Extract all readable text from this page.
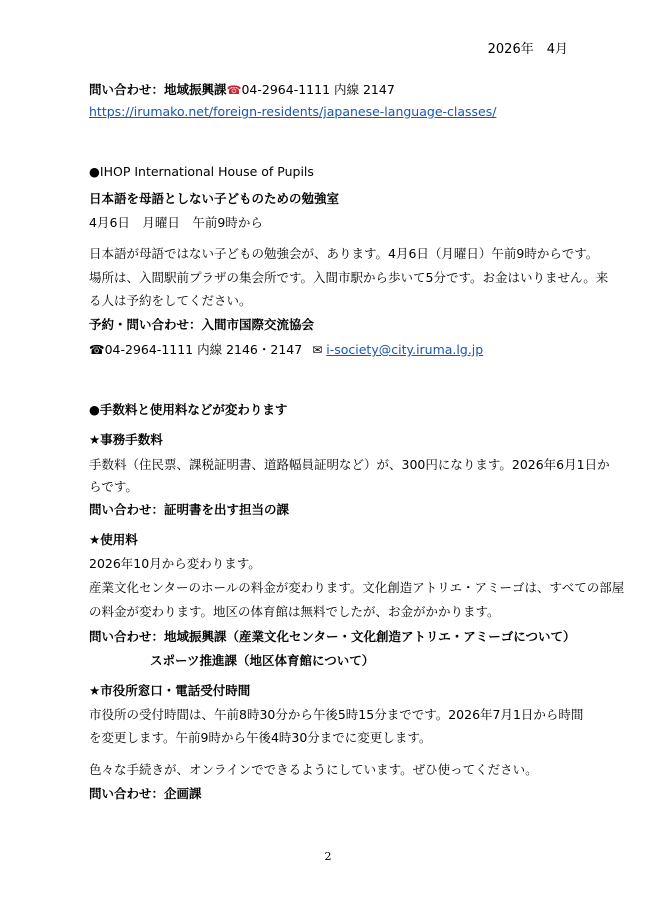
2026年　4月
問い合わせ：地域振興課☎04-2964-1111 内線 2147
https://irumako.net/foreign-residents/japanese-language-classes/
●IHOP International House of Pupils
日本語を母語としない子どものための勉強室
4月6日　月曜日　午前9時から
日本語が母語ではない子どもの勉強会が、あります。4月6日（月曜日）午前9時からです。
場所は、入間駅前プラザの集会所です。入間市駅から歩いて5分です。お金はいりません。来
る人は予約をしてください。
予約・問い合わせ：入間市国際交流協会
☎04-2964-1111 内線 2146・2147 ✉ i-society@city.iruma.lg.jp
●手数料と使用料などが変わります
★事務手数料
手数料（住民票、課税証明書、道路幅員証明など）が、300円になります。2026年6月1日か
らです。
問い合わせ：証明書を出す担当の課
★使用料
2026年10月から変わります。
産業文化センターのホールの料金が変わります。文化創造アトリエ・アミーゴは、すべての部屋
の料金が変わります。地区の体育館は無料でしたが、お金がかかります。
問い合わせ：地域振興課（産業文化センター・文化創造アトリエ・アミーゴについて）
スポーツ推進課（地区体育館について）
★市役所窓口・電話受付時間
市役所の受付時間は、午前8時30分から午後5時15分までです。2026年7月1日から時間
を変更します。午前9時から午後4時30分までに変更します。
色々な手続きが、オンラインでできるようにしています。ぜひ使ってください。
問い合わせ：企画課
2
